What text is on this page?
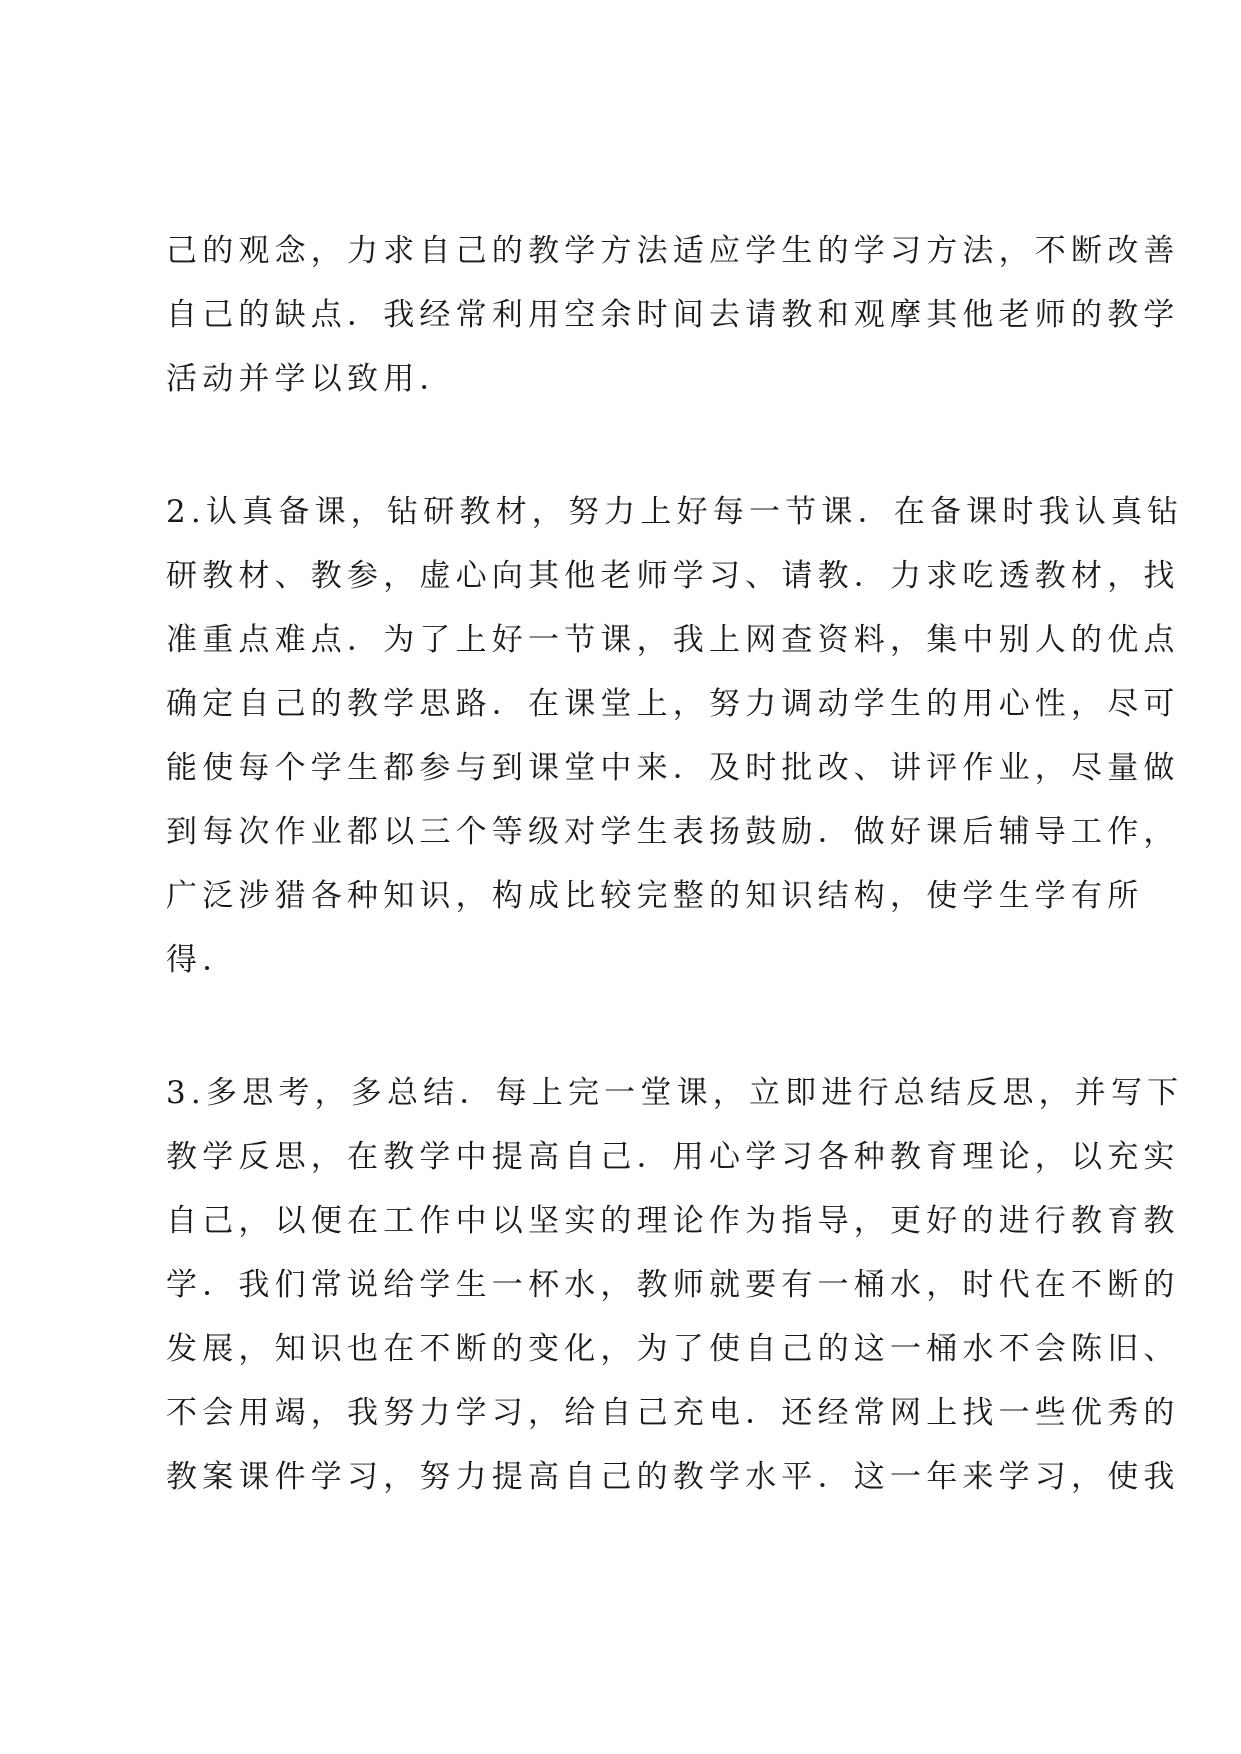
己的观念，力求自己的教学方法适应学生的学习方法，不断改善
自己的缺点．我经常利用空余时间去请教和观摩其他老师的教学
活动并学以致用．
2.认真备课，钻研教材，努力上好每一节课．在备课时我认真钻
研教材、教参，虚心向其他老师学习、请教．力求吃透教材，找
准重点难点．为了上好一节课，我上网查资料，集中别人的优点
确定自己的教学思路．在课堂上，努力调动学生的用心性，尽可
能使每个学生都参与到课堂中来．及时批改、讲评作业，尽量做
到每次作业都以三个等级对学生表扬鼓励．做好课后辅导工作，
广泛涉猎各种知识，构成比较完整的知识结构，使学生学有所
得．
3.多思考，多总结．每上完一堂课，立即进行总结反思，并写下
教学反思，在教学中提高自己．用心学习各种教育理论，以充实
自己，以便在工作中以坚实的理论作为指导，更好的进行教育教
学．我们常说给学生一杯水，教师就要有一桶水，时代在不断的
发展，知识也在不断的变化，为了使自己的这一桶水不会陈旧、
不会用竭，我努力学习，给自己充电．还经常网上找一些优秀的
教案课件学习，努力提高自己的教学水平．这一年来学习，使我
